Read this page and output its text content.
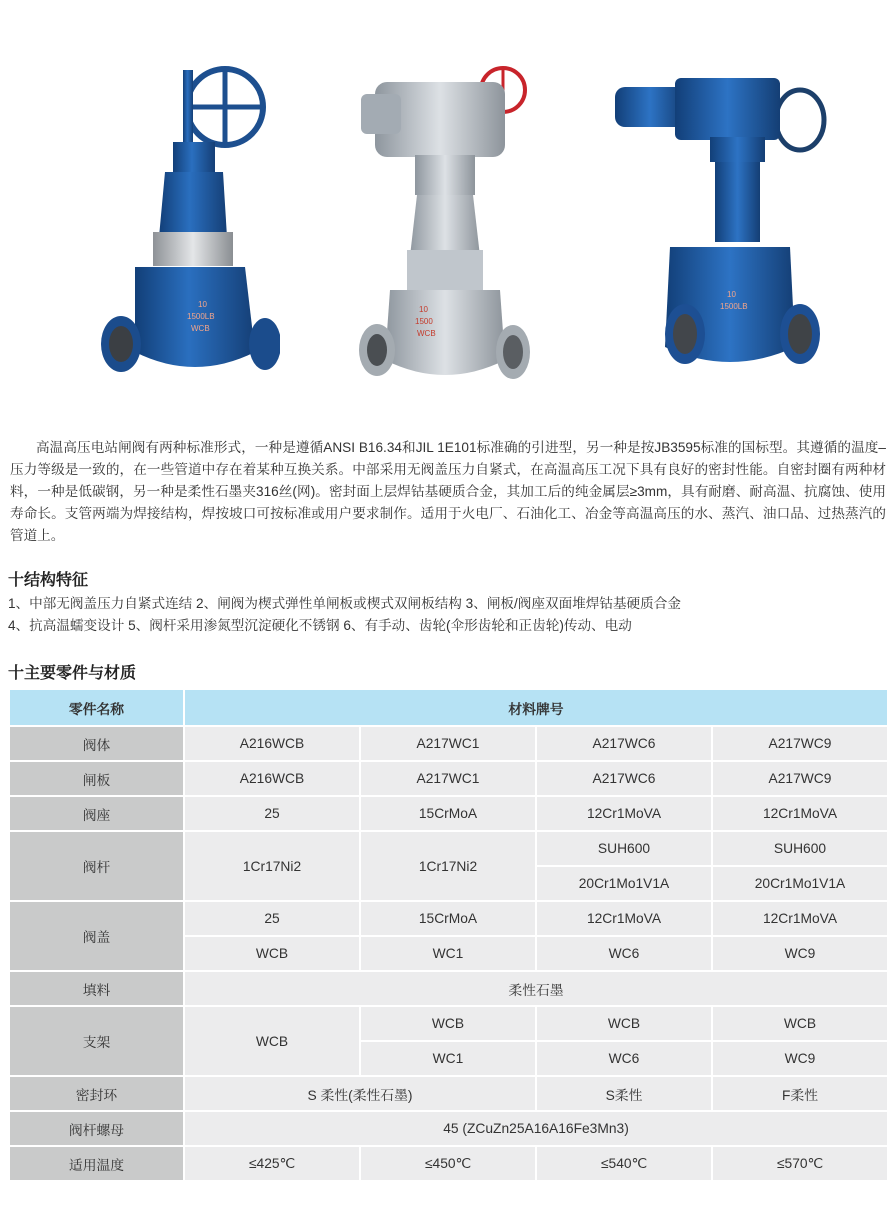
10
1500LB
WCB
10
1500
WCB
10
1500LB

高温高压电站闸阀有两种标准形式，一种是遵循ANSI B16.34和JIL 1E101标准确的引进型，另一种是按JB3595标准的国标型。其遵循的温度–压力等级是一致的，在一些管道中存在着某种互换关系。中部采用无阀盖压力自紧式，在高温高压工况下具有良好的密封性能。自密封圈有两种材料，一种是低碳钢，另一种是柔性石墨夹316丝(网)。密封面上层焊钴基硬质合金，其加工后的纯金属层≥3mm，具有耐磨、耐高温、抗腐蚀、使用寿命长。支管两端为焊接结构，焊按坡口可按标准或用户要求制作。适用于火电厂、石油化工、冶金等高温高压的水、蒸汽、油口品、过热蒸汽的管道上。

十结构特征
1、中部无阀盖压力自紧式连结 2、闸阀为楔式弹性单闸板或楔式双闸板结构 3、闸板/阀座双面堆焊钴基硬质合金
4、抗高温蠕变设计 5、阀杆采用渗氮型沉淀硬化不锈钢 6、有手动、齿轮(伞形齿轮和正齿轮)传动、电动
十主要零件与材质
零件名称	材料牌号			
阀体	A216WCB	A217WC1	A217WC6	A217WC9
闸板	A216WCB	A217WC1	A217WC6	A217WC9
阀座	25	15CrMoA	12Cr1MoVA	12Cr1MoVA
阀杆	1Cr17Ni2	1Cr17Ni2	SUH600	SUH600
			20Cr1Mo1V1A	20Cr1Mo1V1A
阀盖	25	15CrMoA	12Cr1MoVA	12Cr1MoVA
	WCB	WC1	WC6	WC9
填料	柔性石墨			
支架	WCB	WCB	WCB	WCB
		WC1	WC6	WC9
密封环	S 柔性(柔性石墨)		S柔性	F柔性
阀杆螺母	45 (ZCuZn25A16A16Fe3Mn3)			
适用温度	≤425℃	≤450℃	≤540℃	≤570℃
